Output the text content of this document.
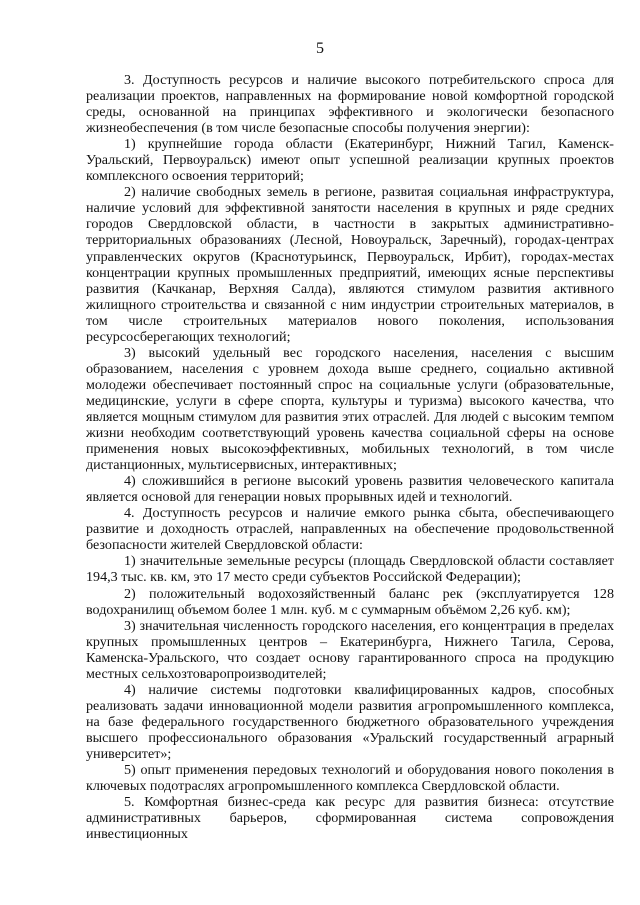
5

3. Доступность ресурсов и наличие высокого потребительского спроса для реализации проектов, направленных на формирование новой комфортной городской среды, основанной на принципах эффективного и экологически безопасного жизнеобеспечения (в том числе безопасные способы получения энергии):

1) крупнейшие города области (Екатеринбург, Нижний Тагил, Каменск-Уральский, Первоуральск) имеют опыт успешной реализации крупных проектов комплексного освоения территорий;

2) наличие свободных земель в регионе, развитая социальная инфраструктура, наличие условий для эффективной занятости населения в крупных и ряде средних городов Свердловской области, в частности в закрытых административно-территориальных образованиях (Лесной, Новоуральск, Заречный), городах-центрах управленческих округов (Краснотурьинск, Первоуральск, Ирбит), городах-местах концентрации крупных промышленных предприятий, имеющих ясные перспективы развития (Качканар, Верхняя Салда), являются стимулом развития активного жилищного строительства и связанной с ним индустрии строительных материалов, в том числе строительных материалов нового поколения, использования ресурсосберегающих технологий;

3) высокий удельный вес городского населения, населения с высшим образованием, населения с уровнем дохода выше среднего, социально активной молодежи обеспечивает постоянный спрос на социальные услуги (образовательные, медицинские, услуги в сфере спорта, культуры и туризма) высокого качества, что является мощным стимулом для развития этих отраслей. Для людей с высоким темпом жизни необходим соответствующий уровень качества социальной сферы на основе применения новых высокоэффективных, мобильных технологий, в том числе дистанционных, мультисервисных, интерактивных;

4) сложившийся в регионе высокий уровень развития человеческого капитала является основой для генерации новых прорывных идей и технологий.

4. Доступность ресурсов и наличие емкого рынка сбыта, обеспечивающего развитие и доходность отраслей, направленных на обеспечение продовольственной безопасности жителей Свердловской области:

1) значительные земельные ресурсы (площадь Свердловской области составляет 194,3 тыс. кв. км, это 17 место среди субъектов Российской Федерации);

2) положительный водохозяйственный баланс рек (эксплуатируется 128 водохранилищ объемом более 1 млн. куб. м с суммарным объёмом 2,26 куб. км);

3) значительная численность городского населения, его концентрация в пределах крупных промышленных центров – Екатеринбурга, Нижнего Тагила, Серова, Каменска-Уральского, что создает основу гарантированного спроса на продукцию местных сельхозтоваропроизводителей;

4) наличие системы подготовки квалифицированных кадров, способных реализовать задачи инновационной модели развития агропромышленного комплекса, на базе федерального государственного бюджетного образовательного учреждения высшего профессионального образования «Уральский государственный аграрный университет»;

5) опыт применения передовых технологий и оборудования нового поколения в ключевых подотраслях агропромышленного комплекса Свердловской области.

5. Комфортная бизнес-среда как ресурс для развития бизнеса: отсутствие административных барьеров, сформированная система сопровождения инвестиционных
